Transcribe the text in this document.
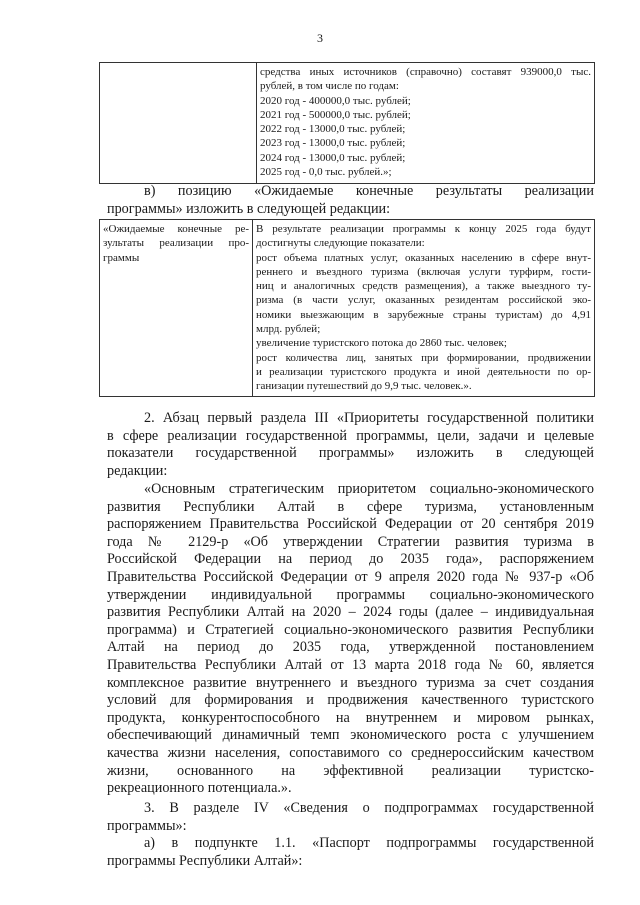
3

средства иных источников (справочно) составят 939000,0 тыс.
рублей, в том числе по годам:
2020 год - 400000,0 тыс. рублей;
2021 год - 500000,0 тыс. рублей;
2022 год - 13000,0 тыс. рублей;
2023 год - 13000,0 тыс. рублей;
2024 год - 13000,0 тыс. рублей;
2025 год - 0,0 тыс. рублей.»;
в) позицию «Ожидаемые конечные результаты реализации
программы» изложить в следующей редакции:
«Ожидаемые конечные ре-
зультаты реализации про-
граммы

В результате реализации программы к концу 2025 года будут
достигнуты следующие показатели:
рост объема платных услуг, оказанных населению в сфере внут-
реннего и въездного туризма (включая услуги турфирм, гости-
ниц и аналогичных средств размещения), а также выездного ту-
ризма (в части услуг, оказанных резидентам российской эко-
номики выезжающим в зарубежные страны туристам) до 4,91
млрд. рублей;
увеличение туристского потока до 2860 тыс. человек;
рост количества лиц, занятых при формировании, продвижении
и реализации туристского продукта и иной деятельности по ор-
ганизации путешествий до 9,9 тыс. человек.».
2. Абзац первый раздела III «Приоритеты государственной политики
в сфере реализации государственной программы, цели, задачи и целевые
показатели государственной программы» изложить в следующей
редакции:
«Основным стратегическим приоритетом социально-экономического
развития Республики Алтай в сфере туризма, установленным
распоряжением Правительства Российской Федерации от 20 сентября 2019
года № 2129-р «Об утверждении Стратегии развития туризма в
Российской Федерации на период до 2035 года», распоряжением
Правительства Российской Федерации от 9 апреля 2020 года № 937-р «Об
утверждении индивидуальной программы социально-экономического
развития Республики Алтай на 2020 – 2024 годы (далее – индивидуальная
программа) и Стратегией социально-экономического развития Республики
Алтай на период до 2035 года, утвержденной постановлением
Правительства Республики Алтай от 13 марта 2018 года № 60, является
комплексное развитие внутреннего и въездного туризма за счет создания
условий для формирования и продвижения качественного туристского
продукта, конкурентоспособного на внутреннем и мировом рынках,
обеспечивающий динамичный темп экономического роста с улучшением
качества жизни населения, сопоставимого со среднероссийским качеством
жизни, основанного на эффективной реализации туристско-
рекреационного потенциала.».
3. В разделе IV «Сведения о подпрограммах государственной
программы»:
а) в подпункте 1.1. «Паспорт подпрограммы государственной
программы Республики Алтай»:
